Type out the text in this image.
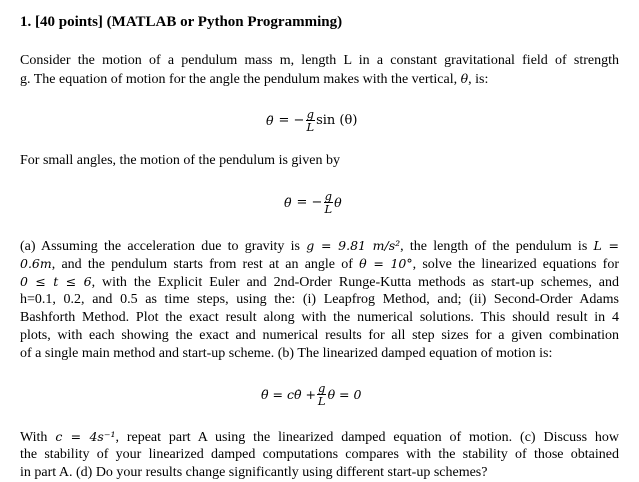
1. [40 points] (MATLAB or Python Programming)
Consider the motion of a pendulum mass m, length L in a constant gravitational field of strength
g. The equation of motion for the angle the pendulum makes with the vertical, θ, is:
θ̈ = − $\frac{g}{L}$ sin (θ)
For small angles, the motion of the pendulum is given by
θ̈ = − $\frac{g}{L}$ θ
(a) Assuming the acceleration due to gravity is g = 9.81 m/s², the length of the pendulum is L =
0.6m, and the pendulum starts from rest at an angle of θ = 10°, solve the linearized equations for
0 ≤ t ≤ 6, with the Explicit Euler and 2nd-Order Runge-Kutta methods as start-up schemes, and
h=0.1, 0.2, and 0.5 as time steps, using the: (i) Leapfrog Method, and; (ii) Second-Order Adams
Bashforth Method. Plot the exact result along with the numerical solutions. This should result in 4
plots, with each showing the exact and numerical results for all step sizes for a given combination
of a single main method and start-up scheme. (b) The linearized damped equation of motion is:
θ̈ = cθ̇ + $\frac{g}{L}$ θ = 0
With c = 4s⁻¹, repeat part A using the linearized damped equation of motion. (c) Discuss how
the stability of your linearized damped computations compares with the stability of those obtained
in part A. (d) Do your results change significantly using different start-up schemes?
